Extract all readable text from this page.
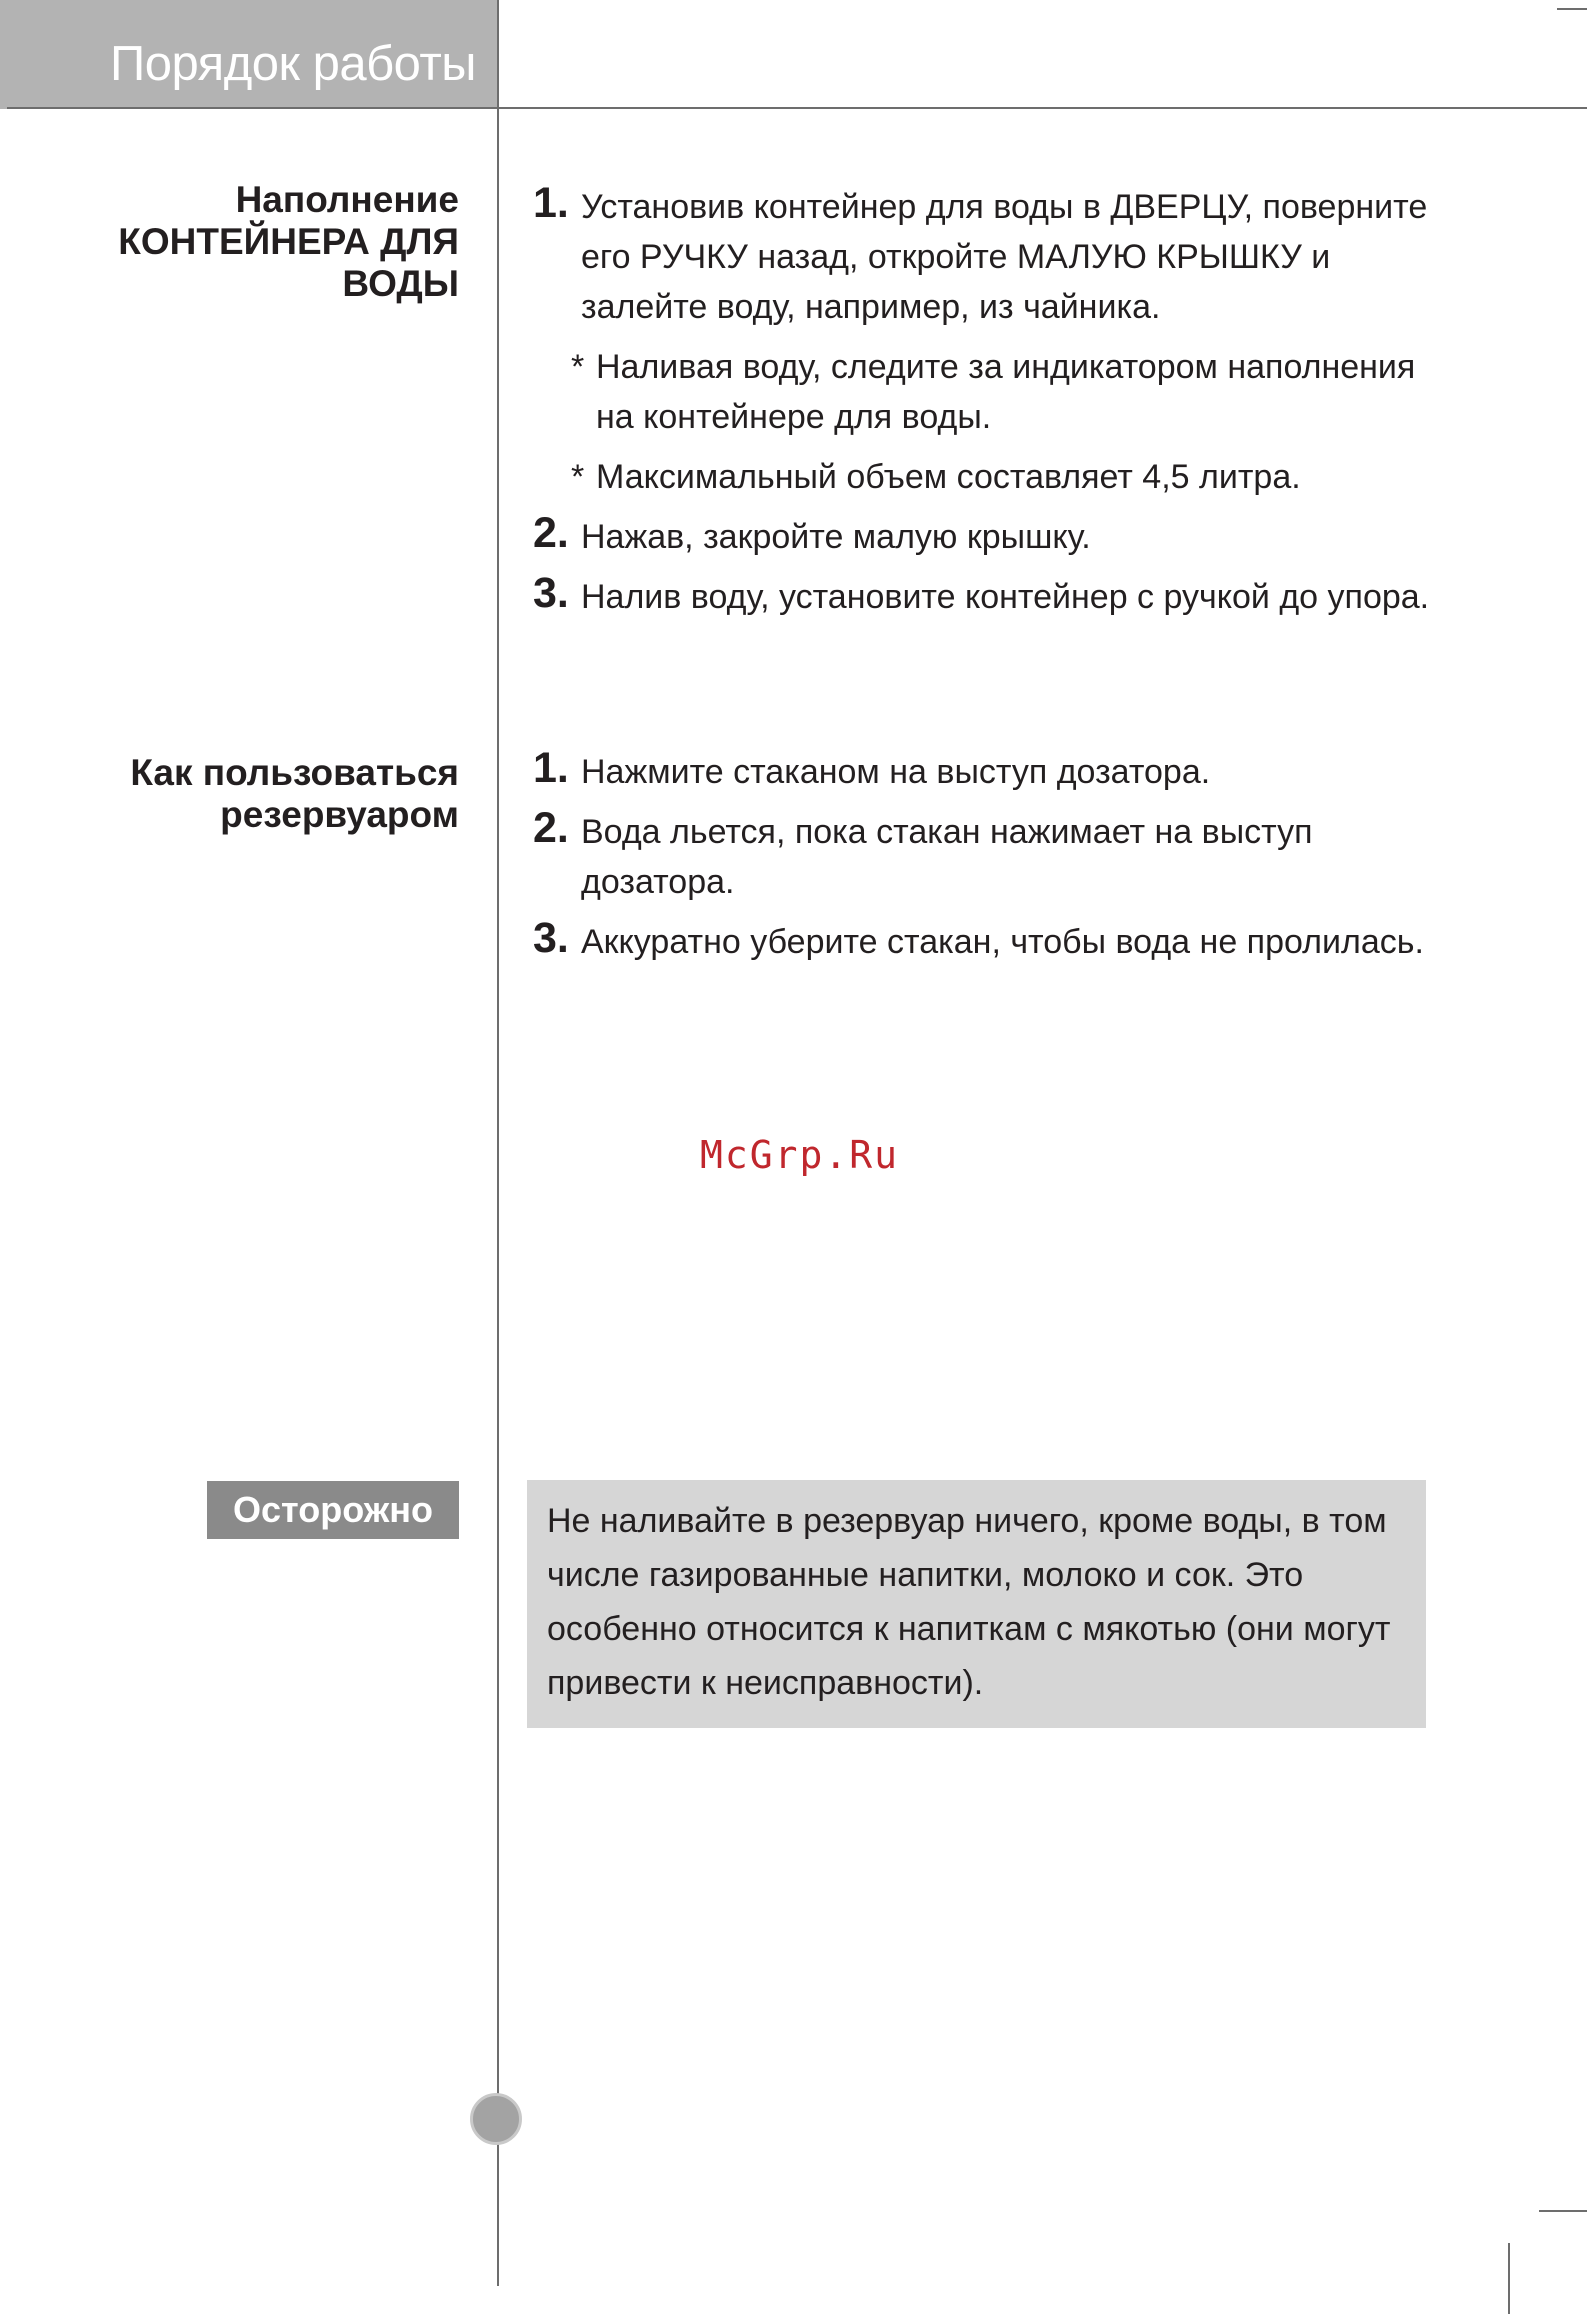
Порядок работы
Наполнение
КОНТЕЙНЕРА ДЛЯ
ВОДЫ
1. Установив контейнер для воды в ДВЕРЦУ, поверните его РУЧКУ назад, откройте МАЛУЮ КРЫШКУ и залейте воду, например, из чайника.
* Наливая воду, следите за индикатором наполнения на контейнере для воды.
* Максимальный объем составляет 4,5 литра.
2. Нажав, закройте малую крышку.
3. Налив воду, установите контейнер с ручкой до упора.
Как пользоваться
резервуаром
1. Нажмите стаканом на выступ дозатора.
2. Вода льется, пока стакан нажимает на выступ дозатора.
3. Аккуратно уберите стакан, чтобы вода не пролилась.
McGrp.Ru
Осторожно	Не наливайте в резервуар ничего, кроме воды, в том числе газированные напитки, молоко и сок. Это особенно относится к напиткам с мякотью (они могут привести к неисправности).
